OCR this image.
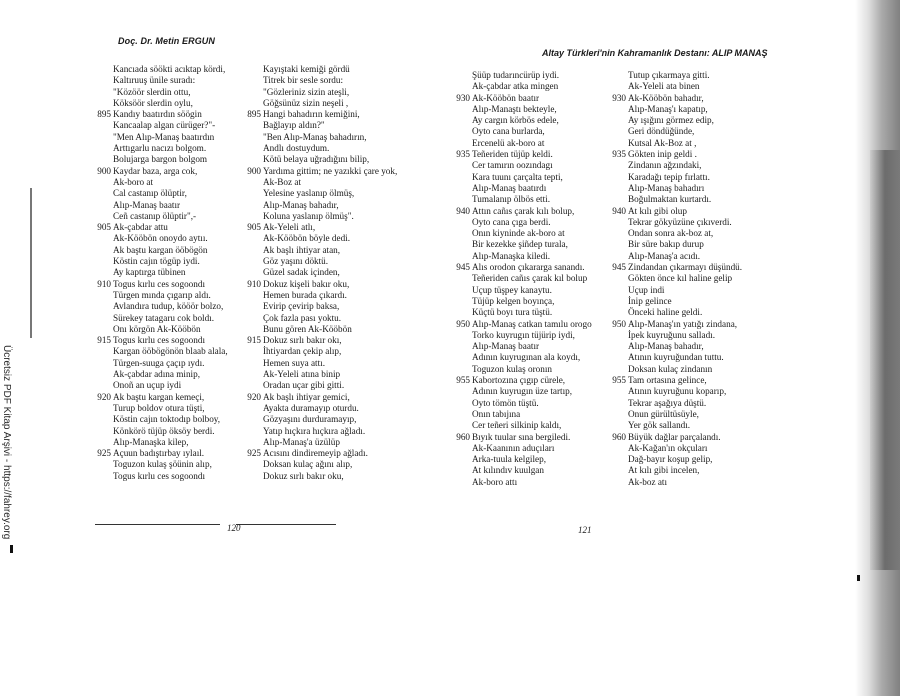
Doç. Dr. Metin ERGUN
Altay Türkleri'nin Kahramanlık Destanı: ALIP MANAŞ
Kancıada söökti acıktap kördi,
Kaltıruuş ünile suradı:
"Közöör slerdin ottu,
Köksöör slerdin oylu,
895 Kandıy baatırdın söögin
Kancaalap algan cürüger?"-
"Men Alıp-Manaş baatırdın
Arttıgarlu nacızı bolgom.
Bolujarga bargon bolgom
900 Kaydar baza, arga cok,
Ak-boro at
Cal castanıp ölüptir,
Alıp-Manaş baatır
Ceñ castanıp ölüptir",-
905 Ak-çabdar attu
Ak-Kööbön onoydo aytıı.
Ak baştu kargan ööbögön
Köstin cajın tögüp iydi.
Ay kaptırga tübinen
910 Togus kırlu ces sogoondı
Türgen mında çıgarıp aldı.
Avlandıra tudup, kööör bolzo,
Sürekey tatagaru cok boldı.
Onı körgön Ak-Kööbön
915 Togus kırlu ces sogoondı
Kargan ööbögönön blaab alala,
Türgen-suuga çaçıp ıydı.
Ak-çabdar adına minip,
Onoñ an uçup iydi
920 Ak baştu kargan kemeçi,
Turup boldov otura tüşti,
Köstin cajın toktodıp bolboy,
Könkörö tüjüp öksöy berdi.
Alıp-Manaşka kilep,
925 Açuun badıştırbay ıylaıl.
Toguzon kulaş şöünin alıp,
Togus kırlu ces sogoondı
Kayıştaki kemiği gördü
Titrek bir sesle sordu:
"Gözleriniz sizin ateşli,
Göğsünüz sizin neşeli ,
895 Hangi bahadırın kemiğini,
Bağlayıp aldın?"
"Ben Alıp-Manaş bahadırın,
Andlı dostuydum.
Kötü belaya uğradığını bilip,
900 Yardıma gittim; ne yazıkki çare yok,
Ak-Boz at
Yelesine yaslanıp ölmüş,
Alıp-Manaş bahadır,
Koluna yaslanıp ölmüş".
905 Ak-Yeleli atlı,
Ak-Kööbön böyle dedi.
Ak başlı ihtiyar atan,
Göz yaşını döktü.
Güzel sadak içinden,
910 Dokuz kişeli bakır oku,
Hemen burada çıkardı.
Evirip çevirip baksa,
Çok fazla pası yoktu.
Bunu gören Ak-Kööbön
915 Dokuz sırlı bakır okı,
İhtiyardan çekip alıp,
Hemen suya attı.
Ak-Yeleli atına binip
Oradan uçar gibi gitti.
920 Ak başlı ihtiyar gemici,
Ayakta duramayıp oturdu.
Gözyaşını durduramayıp,
Yatıp hıçkıra hıçkıra ağladı.
Alıp-Manaş'a üzülüp
925 Acısını dindiremeyip ağladı.
Doksan kulaç ağını alıp,
Dokuz sırlı bakır oku,
Şüüp tudarıncürüp iydi.
Ak-çabdar atka mingen
930 Ak-Kööbön baatır
Alıp-Manaştı bekteyle,
Ay cargın körbös edele,
Oyto cana burlarda,
Ercenelü ak-boro at
935 Teñeriden tüjüp keldi.
Cer tamırın oozındagı
Kara tuunı çarçalta tepti,
Alıp-Manaş baatırdı
Tumalanıp ölbös etti.
940 Attın cañıs çarak kılı bolup,
Oyto cana çıga berdi.
Onın kiyninde ak-boro at
Bir kezekke şiñdep turala,
Alıp-Manaşka kiledi.
945 Alıs orodon çıkararga sanandı.
Teñeriden cañıs çarak kıl bolup
Uçup tüşpey kanaytu.
Tüjüp kelgen boyınça,
Küçtü boyı tura tüştü.
950 Alıp-Manaş catkan tamılu orogo
Torko kuyrugın tüjürip iydi,
Alıp-Manaş baatır
Adının kuyrugınan ala koydı,
Toguzon kulaş oronın
955 Kabortozına çıgıp cürele,
Adının kuyrugın üze tartıp,
Oyto tömön tüştü.
Onın tabıjına
Cer teñeri silkinip kaldı,
960 Bıyık tuular sına bergiledi.
Ak-Kaanının aduçıları
Arka-tuula kelgilep,
At kılındıv kuulgan
Ak-boro attı
Tutup çıkarmaya gitti.
Ak-Yeleli ata binen
930 Ak-Kööbön bahadır,
Alıp-Manaş'ı kapatıp,
Ay ışığını görmez edip,
Geri döndüğünde,
Kutsal Ak-Boz at ,
935 Gökten inip geldi .
Zindanın ağzındaki,
Karadağı tepip fırlattı.
Alıp-Manaş bahadırı
Boğulmaktan kurtardı.
940 At kılı gibi olup
Tekrar gökyüzüne çıkıverdi.
Ondan sonra ak-boz at,
Bir süre bakıp durup
Alıp-Manaş'a acıdı.
945 Zindandan çıkarmayı düşündü.
Gökten önce kıl haline gelip
Uçup indi
İnip gelince
Önceki haline geldi.
950 Alıp-Manaş'ın yatığı zindana,
İpek kuyruğunu salladı.
Alıp-Manaş bahadır,
Atının kuyruğundan tuttu.
Doksan kulaç zindanın
955 Tam ortasına gelince,
Atının kuyruğunu koparıp,
Tekrar aşağıya düştü.
Onun gürültüsüyle,
Yer gök sallandı.
960 Büyük dağlar parçalandı.
Ak-Kağan'ın okçuları
Dağ-bayır koşup gelip,
At kılı gibi incelen,
Ak-boz atı
120	121
Ücretsiz PDF Kitap Arşivi - https://fahrey.org
